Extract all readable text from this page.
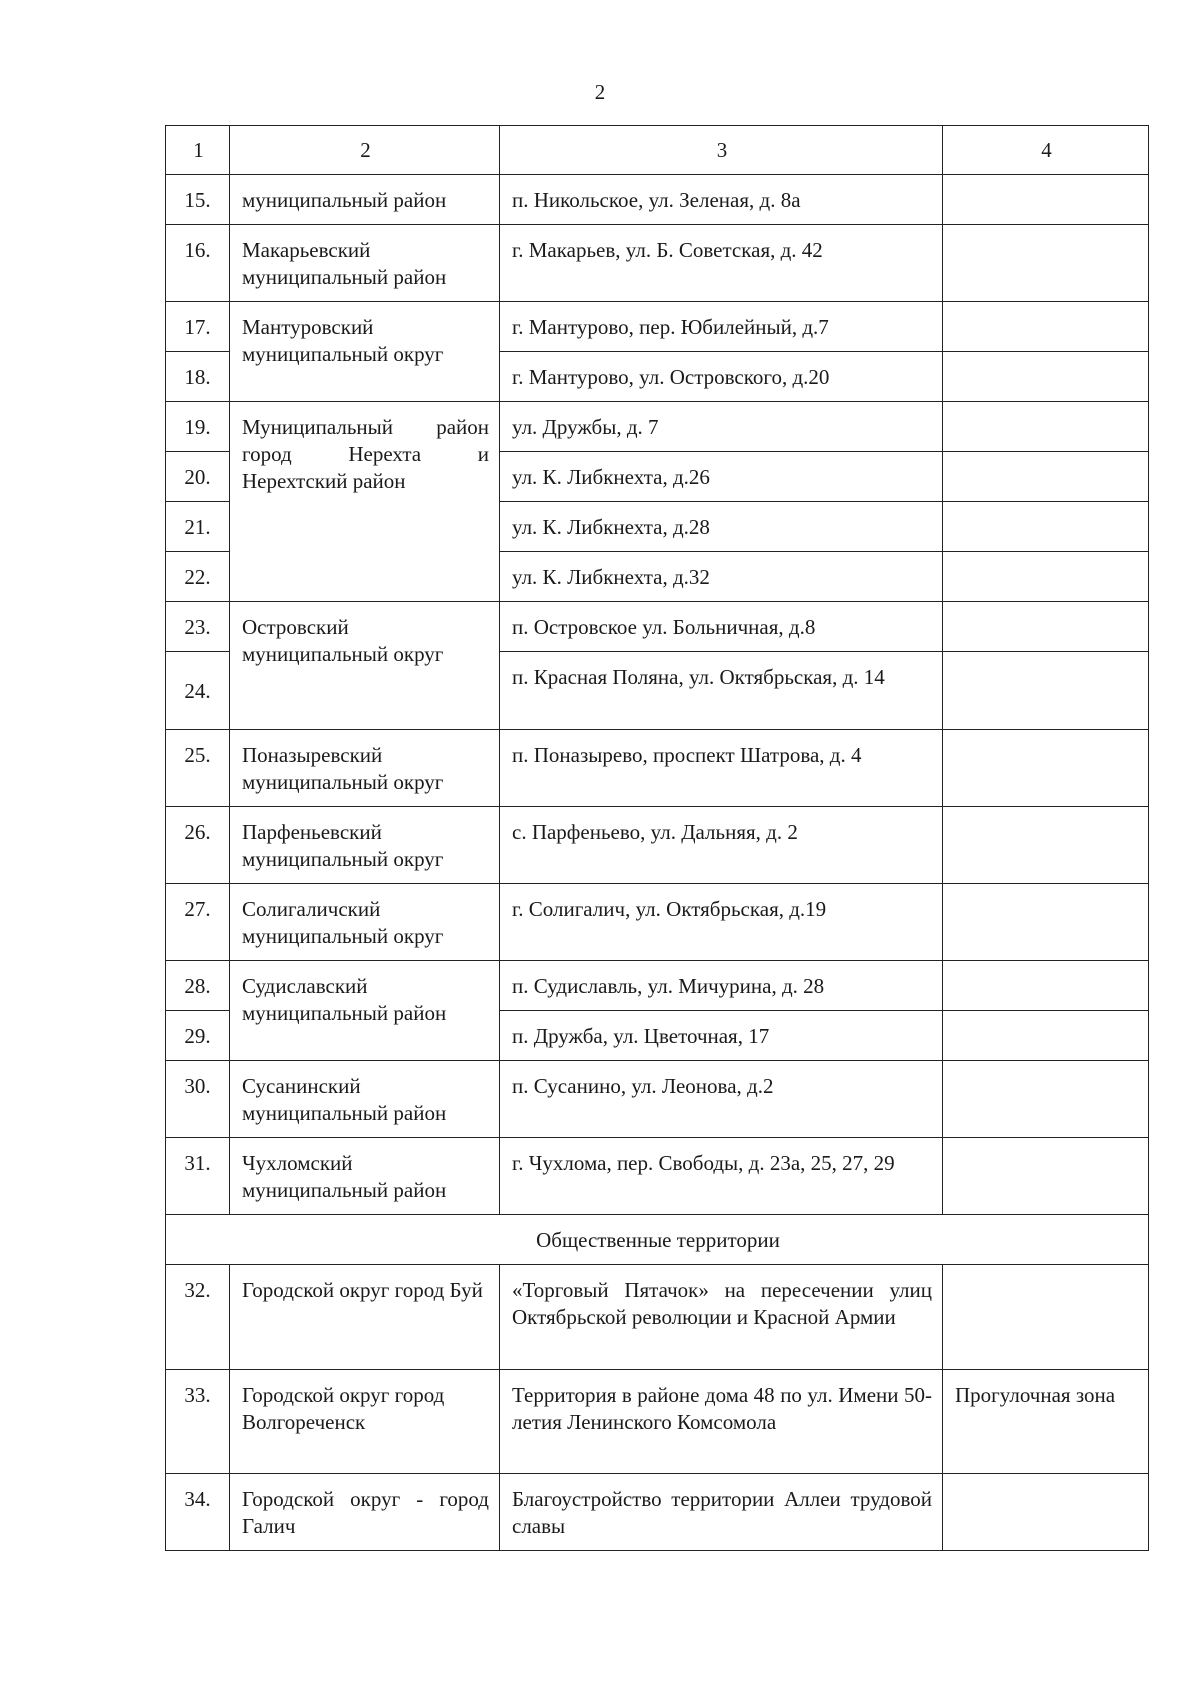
2
1	2	3	4
15.	муниципальный район	п. Никольское, ул. Зеленая, д. 8а	
16.	Макарьевский муниципальный район	г. Макарьев, ул. Б. Советская, д. 42	
17.	Мантуровский муниципальный округ	г. Мантурово, пер. Юбилейный, д.7	
18.		г. Мантурово, ул. Островского, д.20	
19.	Муниципальный район город Нерехта и Нерехтский район	ул. Дружбы, д. 7	
20.		ул. К. Либкнехта, д.26	
21.		ул. К. Либкнехта, д.28	
22.		ул. К. Либкнехта, д.32	
23.	Островский муниципальный округ	п. Островское ул. Больничная, д.8	
24.		п. Красная Поляна, ул. Октябрьская, д. 14	
25.	Поназыревский муниципальный округ	п. Поназырево, проспект Шатрова, д. 4	
26.	Парфеньевский муниципальный округ	с. Парфеньево, ул. Дальняя, д. 2	
27.	Солигаличский муниципальный округ	г. Солигалич, ул. Октябрьская, д.19	
28.	Судиславский муниципальный район	п. Судиславль, ул. Мичурина, д. 28	
29.		п. Дружба, ул. Цветочная, 17	
30.	Сусанинский муниципальный район	п. Сусанино, ул. Леонова, д.2	
31.	Чухломский муниципальный район	г. Чухлома, пер. Свободы, д. 23а, 25, 27, 29	
Общественные территории			
32.	Городской округ город Буй	«Торговый Пятачок» на пересечении улиц Октябрьской революции и Красной Армии	
33.	Городской округ город Волгореченск	Территория в районе дома 48 по ул. Имени 50-летия Ленинского Комсомола	Прогулочная зона
34.	Городской округ - город Галич	Благоустройство территории Аллеи трудовой славы	
